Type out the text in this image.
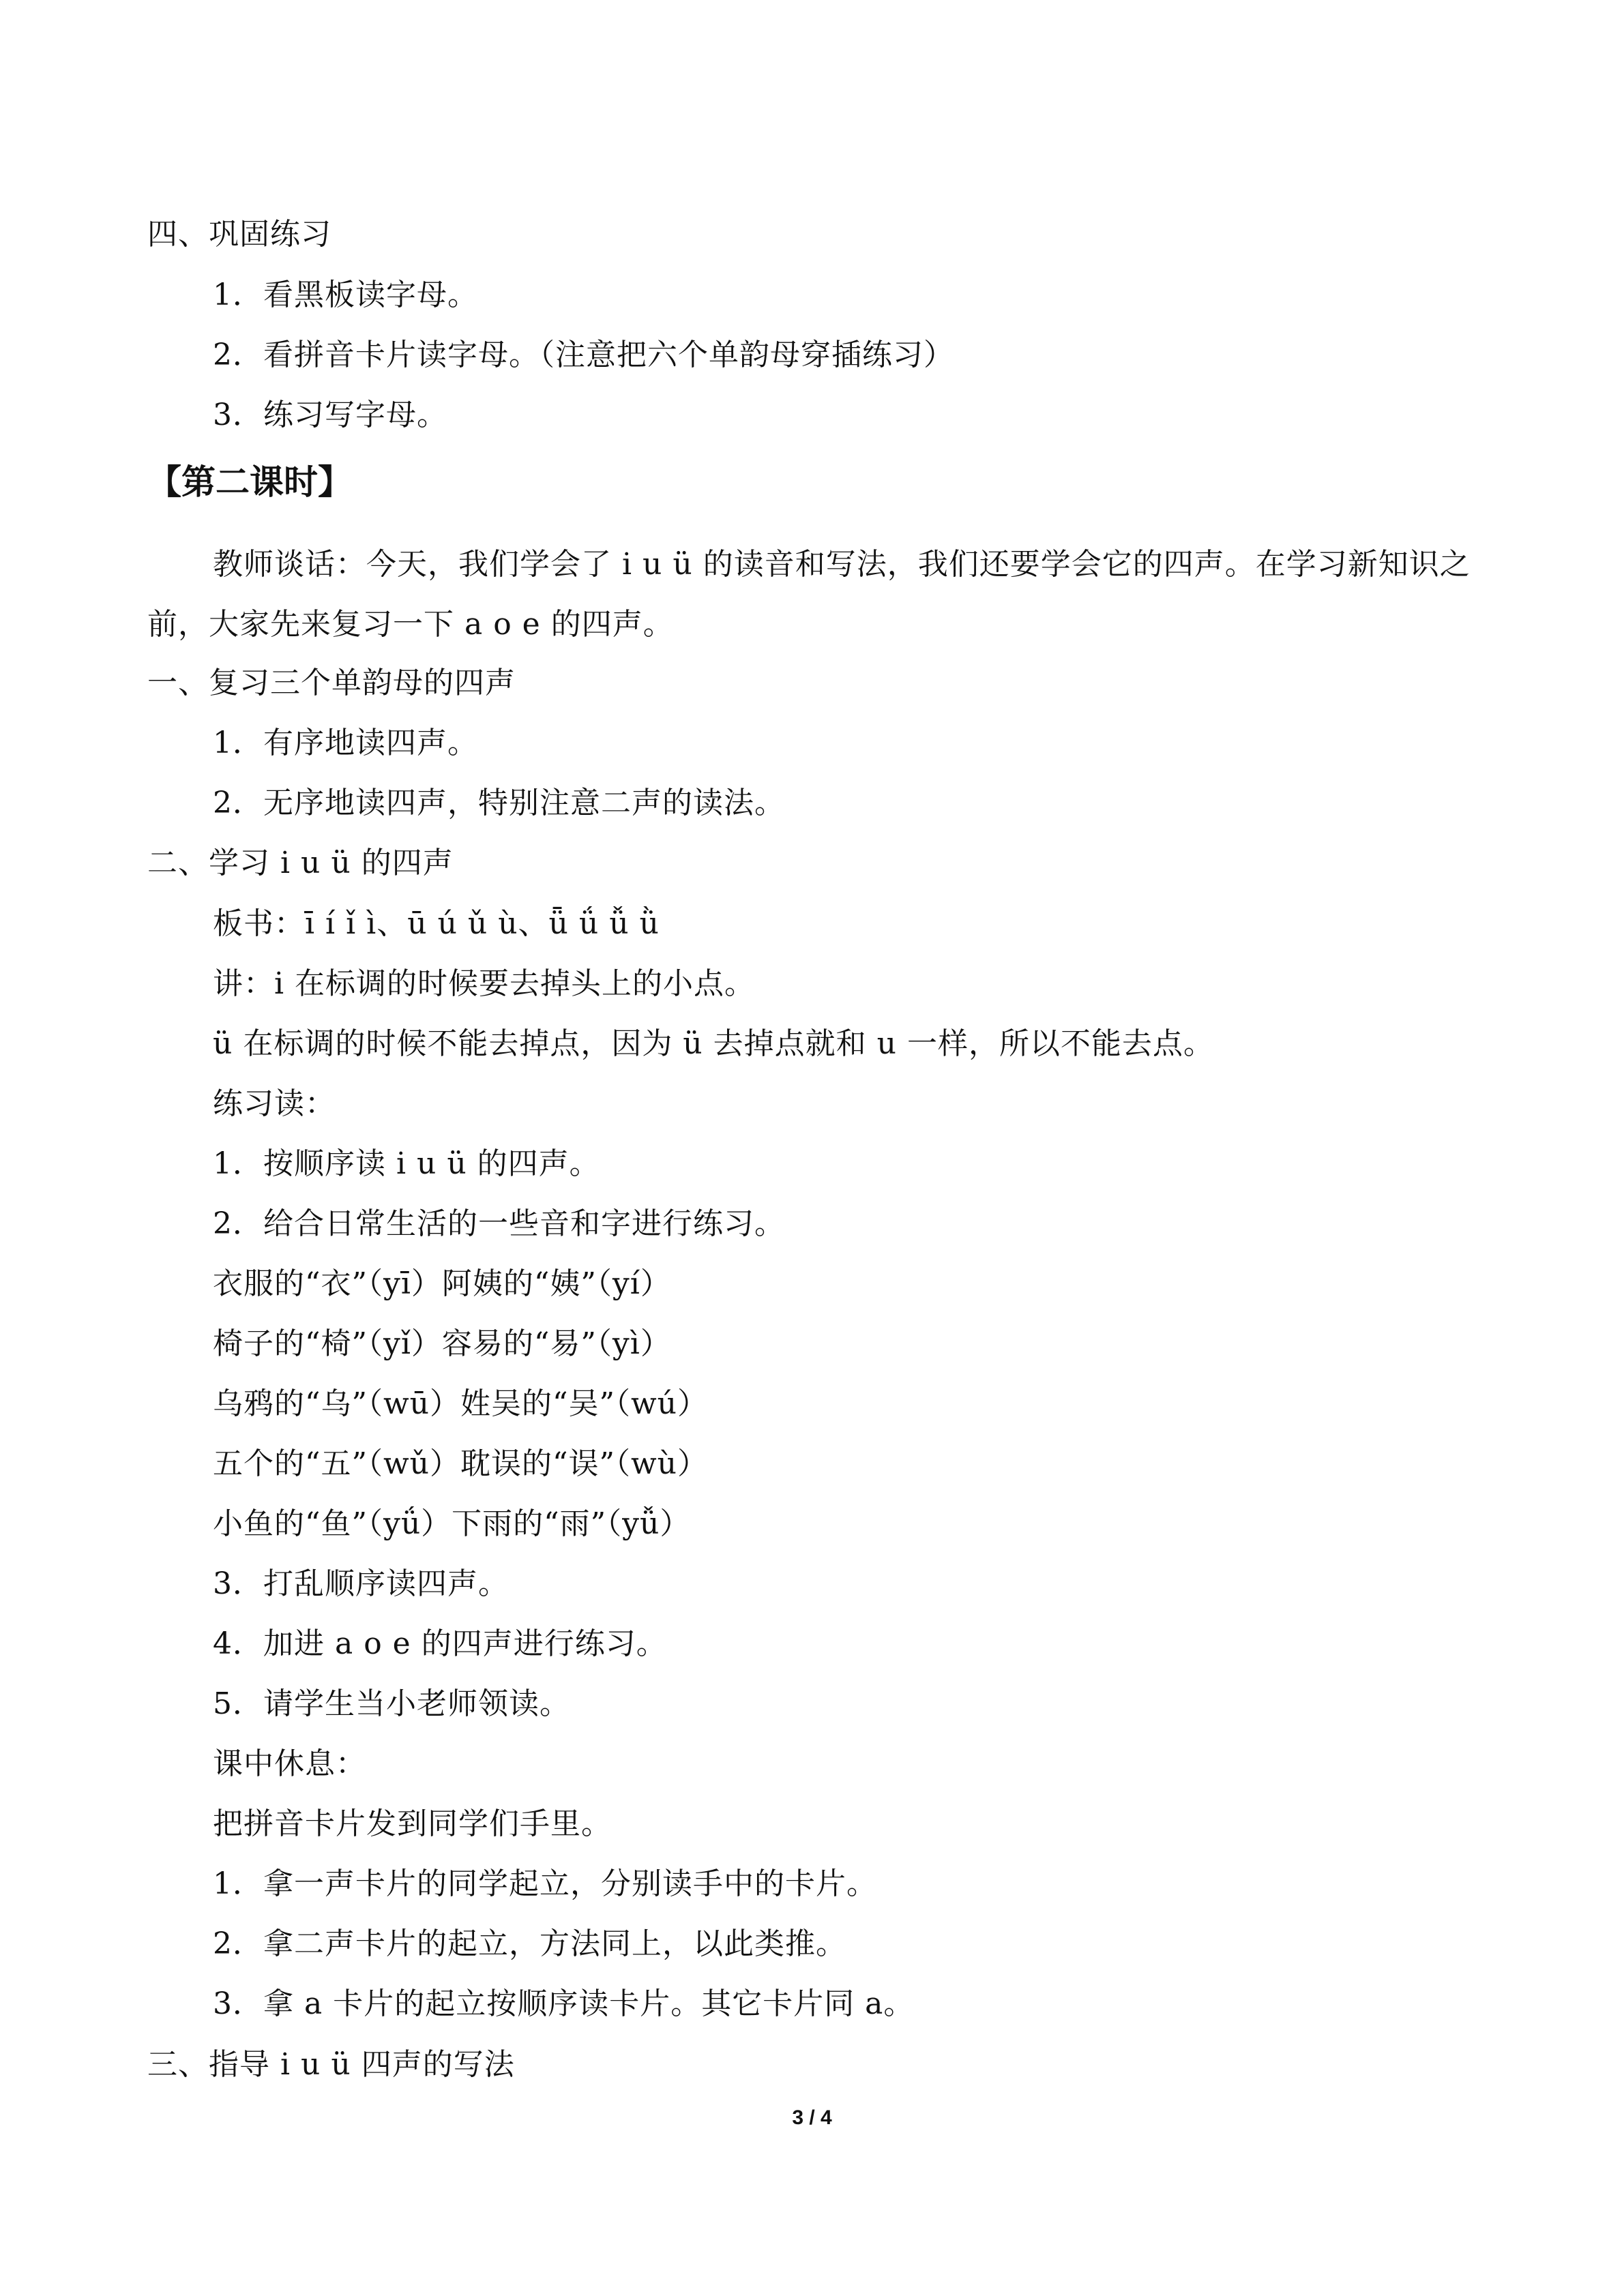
四、巩固练习
1．看黑板读字母。
2．看拼音卡片读字母。（注意把六个单韵母穿插练习）
3．练习写字母。
【第二课时】
教师谈话：今天，我们学会了 i u ü 的读音和写法，我们还要学会它的四声。在学习新知识之前，大家先来复习一下 a o e 的四声。
一、复习三个单韵母的四声
1．有序地读四声。
2．无序地读四声，特别注意二声的读法。
二、学习 i u ü 的四声
板书：ī í ǐ ì、ū ú ǔ ù、ǖ ǘ ǚ ǜ
讲：i 在标调的时候要去掉头上的小点。
ü 在标调的时候不能去掉点，因为 ü 去掉点就和 u 一样，所以不能去点。
练习读：
1．按顺序读 i u ü 的四声。
2．给合日常生活的一些音和字进行练习。
衣服的“衣”（yī）阿姨的“姨”（yí）
椅子的“椅”（yǐ）容易的“易”（yì）
乌鸦的“乌”（wū）姓吴的“吴”（wú）
五个的“五”（wǔ）耽误的“误”（wù）
小鱼的“鱼”（yǘ）下雨的“雨”（yǚ）
3．打乱顺序读四声。
4．加进 a o e 的四声进行练习。
5．请学生当小老师领读。
课中休息：
把拼音卡片发到同学们手里。
1．拿一声卡片的同学起立，分别读手中的卡片。
2．拿二声卡片的起立，方法同上，以此类推。
3．拿 a 卡片的起立按顺序读卡片。其它卡片同 a。
三、指导 i u ü 四声的写法
3 / 4
